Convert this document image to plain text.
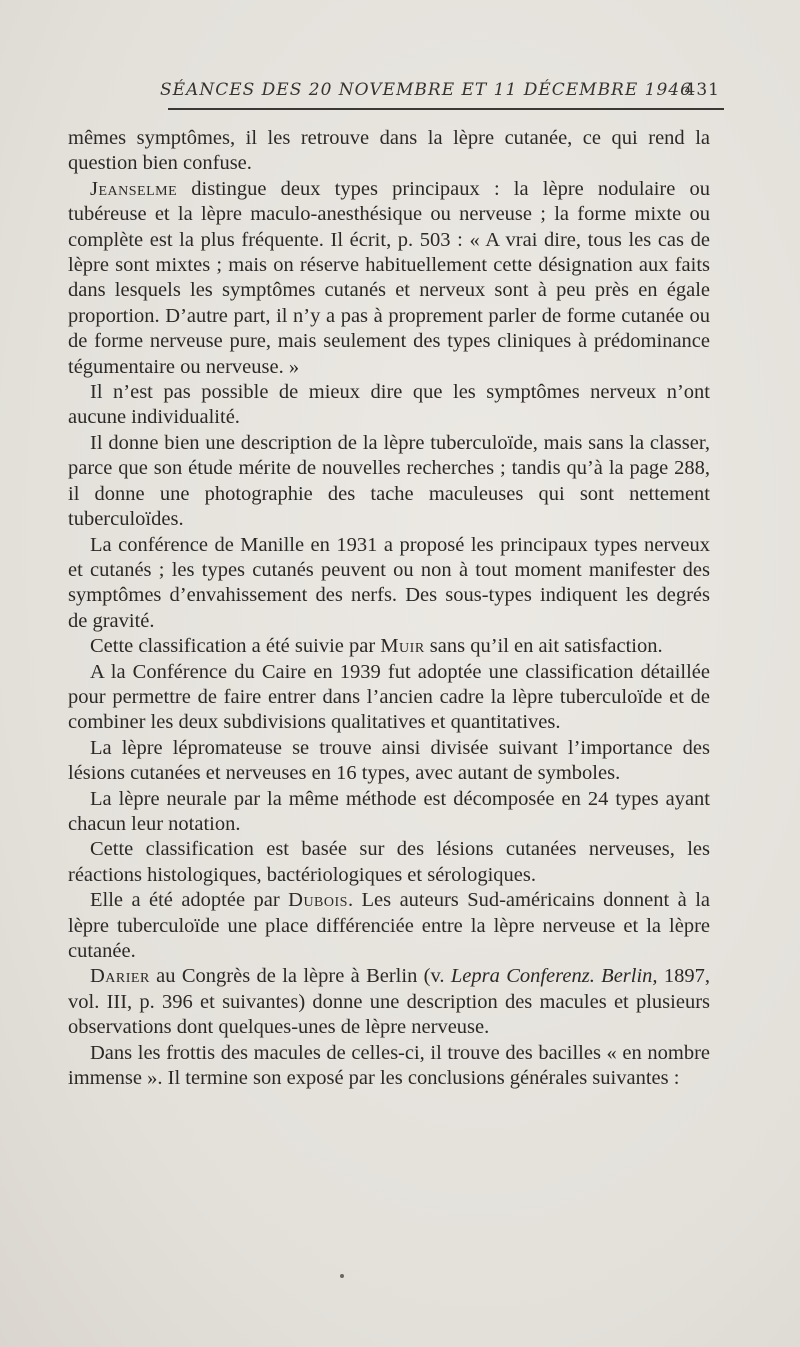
SÉANCES DES 20 NOVEMBRE ET 11 DÉCEMBRE 1946
431

mêmes symptômes, il les retrouve dans la lèpre cutanée, ce qui rend la question bien confuse.

Jeanselme distingue deux types principaux : la lèpre nodulaire ou tubéreuse et la lèpre maculo-anesthésique ou nerveuse ; la forme mixte ou complète est la plus fréquente. Il écrit, p. 503 : « A vrai dire, tous les cas de lèpre sont mixtes ; mais on réserve habituellement cette désignation aux faits dans lesquels les symptômes cutanés et nerveux sont à peu près en égale proportion. D’autre part, il n’y a pas à proprement parler de forme cutanée ou de forme nerveuse pure, mais seulement des types cliniques à prédominance tégumentaire ou nerveuse. »

Il n’est pas possible de mieux dire que les symptômes nerveux n’ont aucune individualité.

Il donne bien une description de la lèpre tuberculoïde, mais sans la classer, parce que son étude mérite de nouvelles recherches ; tandis qu’à la page 288, il donne une photographie des tache maculeuses qui sont nettement tuberculoïdes.

La conférence de Manille en 1931 a proposé les principaux types nerveux et cutanés ; les types cutanés peuvent ou non à tout moment manifester des symptômes d’envahissement des nerfs. Des sous-types indiquent les degrés de gravité.

Cette classification a été suivie par Muir sans qu’il en ait satisfaction.

A la Conférence du Caire en 1939 fut adoptée une classification détaillée pour permettre de faire entrer dans l’ancien cadre la lèpre tuberculoïde et de combiner les deux subdivisions qualitatives et quantitatives.

La lèpre lépromateuse se trouve ainsi divisée suivant l’importance des lésions cutanées et nerveuses en 16 types, avec autant de symboles.

La lèpre neurale par la même méthode est décomposée en 24 types ayant chacun leur notation.

Cette classification est basée sur des lésions cutanées nerveuses, les réactions histologiques, bactériologiques et sérologiques.

Elle a été adoptée par Dubois. Les auteurs Sud-américains donnent à la lèpre tuberculoïde une place différenciée entre la lèpre nerveuse et la lèpre cutanée.

Darier au Congrès de la lèpre à Berlin (v. Lepra Conferenz. Berlin, 1897, vol. III, p. 396 et suivantes) donne une description des macules et plusieurs observations dont quelques-unes de lèpre nerveuse.

Dans les frottis des macules de celles-ci, il trouve des bacilles « en nombre immense ». Il termine son exposé par les conclusions générales suivantes :
